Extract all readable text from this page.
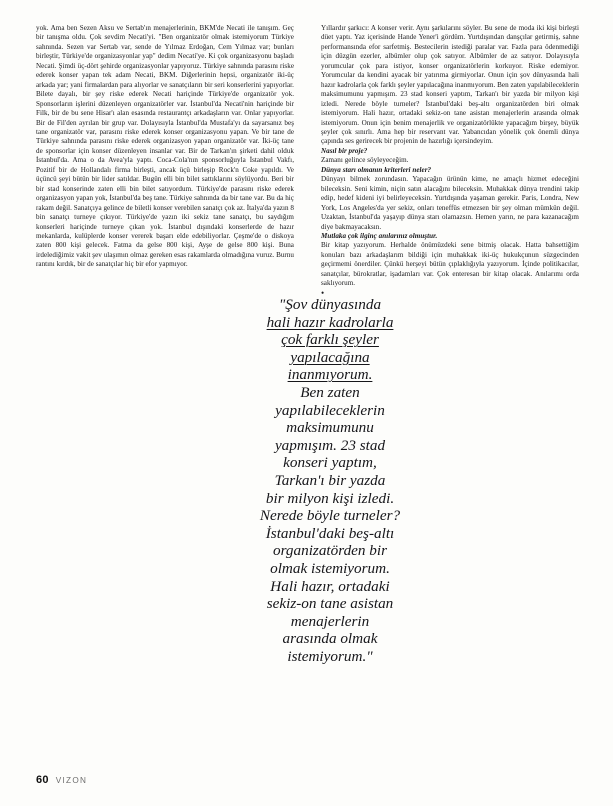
yok. Ama ben Sezen Aksu ve Sertab'ın menajerlerinin, BKM'de Necati ile tanışım. Geç bir tanışma oldu. Çok sevdim Necati'yi. "Ben organizatör olmak istemiyorum Türkiye sahnında. Sezen var Sertab var, sende de Yılmaz Erdoğan, Cem Yılmaz var; bunları birleştir, Türkiye'de organizasyonlar yap" dedim Necati'ye. Ki çok organizasyonu başladı Necati. Şimdi üç-dört şehirde organizasyonlar yapıyoruz. Türkiye sahnında parasını riske ederek konser yapan tek adam Necati, BKM. Diğerlerinin hepsi, organizatör iki-üç arkada yar; yani firmalardan para alıyorlar ve sanatçıların bir seri konserlerini yapıyorlar. Bilete dayalı, bir şey riske ederek Necati hariçinde Türkiye'de organizatör yok. Sponsorların işlerini düzenleyen organizatörler var. İstanbul'da Necati'nin hariçinde bir Filk, bir de bu sene Hisar'ı alan esasında restaurantçı arkadaşların var. Onlar yapıyorlar. Bir de Fil'den ayrılan bir grup var. Dolayısıyla İstanbul'da Mustafa'yı da sayarsanız beş tane organizatör var, parasını riske ederek konser organizasyonu yapan. Ve bir tane de Türkiye sahnında parasını riske ederek organizasyon yapan organizatör var. İki-üç tane de sponsorlar için konser düzenleyen insanlar var. Bir de Tarkan'ın şirketi dahil olduk İstanbul'da. Ama o da Avea'yla yaptı. Coca-Cola'nın sponsorluğuyla İstanbul Vakfı, Pozitif bir de Hollandalı firma birleşti, ancak üçü birleşip Rock'n Coke yapıldı. Ve üçüncü şeyi bütün bir lider satıldar. Bugün elli bin bilet sattıklarını söylüyordu. Beri bir bir stad konserinde zaten elli bin bilet satıyordum. Türkiye'de parasını riske ederek organizasyon yapan yok, İstanbul'da beş tane. Türkiye sahnında da bir tane var. Bu da hiç rakam değil. Sanatçıya gelince de biletli konser verebilen sanatçı çok az. İtalya'da yazın 8 bin sanatçı turneye çıkıyor. Türkiye'de yazın iki sekiz tane sanatçı, bu saydığım konserleri hariçinde turneye çıkan yok. İstanbul dışındaki konserlerde de hazır mekanlarda, kulüplerde konser vererek başarı elde edebiliyorlar. Çeşme'de o diskoya zaten 800 kişi gelecek. Fatma da gelse 800 kişi, Ayşe de gelse 800 kişi. Buna irdelediğimiz vakit şev ulaşımın olmaz gereken esas rakamlarda olmadığına vuruz. Burnu rantını kırdık, bir de sanatçılar hiç bir efor yapmıyor.

Yıllardır şarkıcı: A konser verir. Aynı şarkılarını söyler. Bu sene de moda iki kişi birleşti düet yaptı. Yaz içerisinde Hande Yener'i gördüm. Yurtdışından danşçılar getirmiş, sahne performansında efor sarfetmiş. Bestecilerin istediği paralar var. Fazla para ödenmediği için düzgün ezerler, albümler olup çok satıyor. Albümler de az satıyor. Dolayısıyla yorumcular çok para istiyor, konser organizatörlerin korkuyor. Riske edemiyor. Yorumcular da kendini ayacak bir yatırıma girmiyorlar. Onun için şov dünyasında hali hazır kadrolarla çok farklı şeyler yapılacağına inanmıyorum. Ben zaten yapılabileceklerin maksimumunu yapmışım. 23 stad konseri yaptım, Tarkan'ı bir yazda bir milyon kişi izledi. Nerede böyle turneler? İstanbul'daki beş-altı organizatörden biri olmak istemiyorum. Hali hazır, ortadaki sekiz-on tane asistan menajerlerin arasında olmak istemiyorum. Onun için benim menajerlik ve organizatörlükte yapacağım birşey, büyük şeyler çok sınırlı. Ama hep bir reservant var. Yabancıdan yönelik çok önemli dünya çapında ses gerirecek bir projenin de hazırlığı içersindeyim.

Nasıl bir proje?

Zamanı gelince söyleyeceğim.

Dünya starı olmanın kriterleri neler?

Dünyayı bilmek zorundasın. Yapacağın ürünün kime, ne amaçlı hizmet edeceğini bileceksin. Seni kimin, niçin satın alacağını bileceksin. Muhakkak dünya trendini takip edip, hedef kideni iyi belirleyeceksin. Yurtdışında yaşaman gerekir. Paris, Londra, New York, Los Angeles'da yer sekiz, onları teneffüs etmezsen bir şey olman mümkün değil. Uzaktan, İstanbul'da yaşayıp dünya starı olamazsın. Hemen yarın, ne para kazanacağım diye bakmayacaksın.

Mutlaka çok ilginç anılarınız olmuştur.

Bir kitap yazıyorum. Herhalde önümüzdeki sene bitmiş olacak. Hatta bahsettiğim konuları bazı arkadaşlarım bildiği için muhakkak iki-üç hukukçunun süzgecinden geçirmemi önerdiler. Çünkü herşeyi bütün çıplaklığıyla yazıyorum. İçinde politikacılar, sanatçılar, bürokratlar, işadamları var. Çok enteresan bir kitap olacak. Anılarımı orda saklıyorum.

•

"Şov dünyasında
hali hazır kadrolarla
çok farklı şeyler
yapılacağına
inanmıyorum.
Ben zaten
yapılabileceklerin
maksimumunu
yapmışım. 23 stad
konseri yaptım,
Tarkan'ı bir yazda
bir milyon kişi izledi.
Nerede böyle turneler?
İstanbul'daki beş-altı
organizatörden bir
olmak istemiyorum.
Hali hazır, ortadaki
sekiz-on tane asistan
menajerlerin
arasında olmak
istemiyorum."
60 VIZON
